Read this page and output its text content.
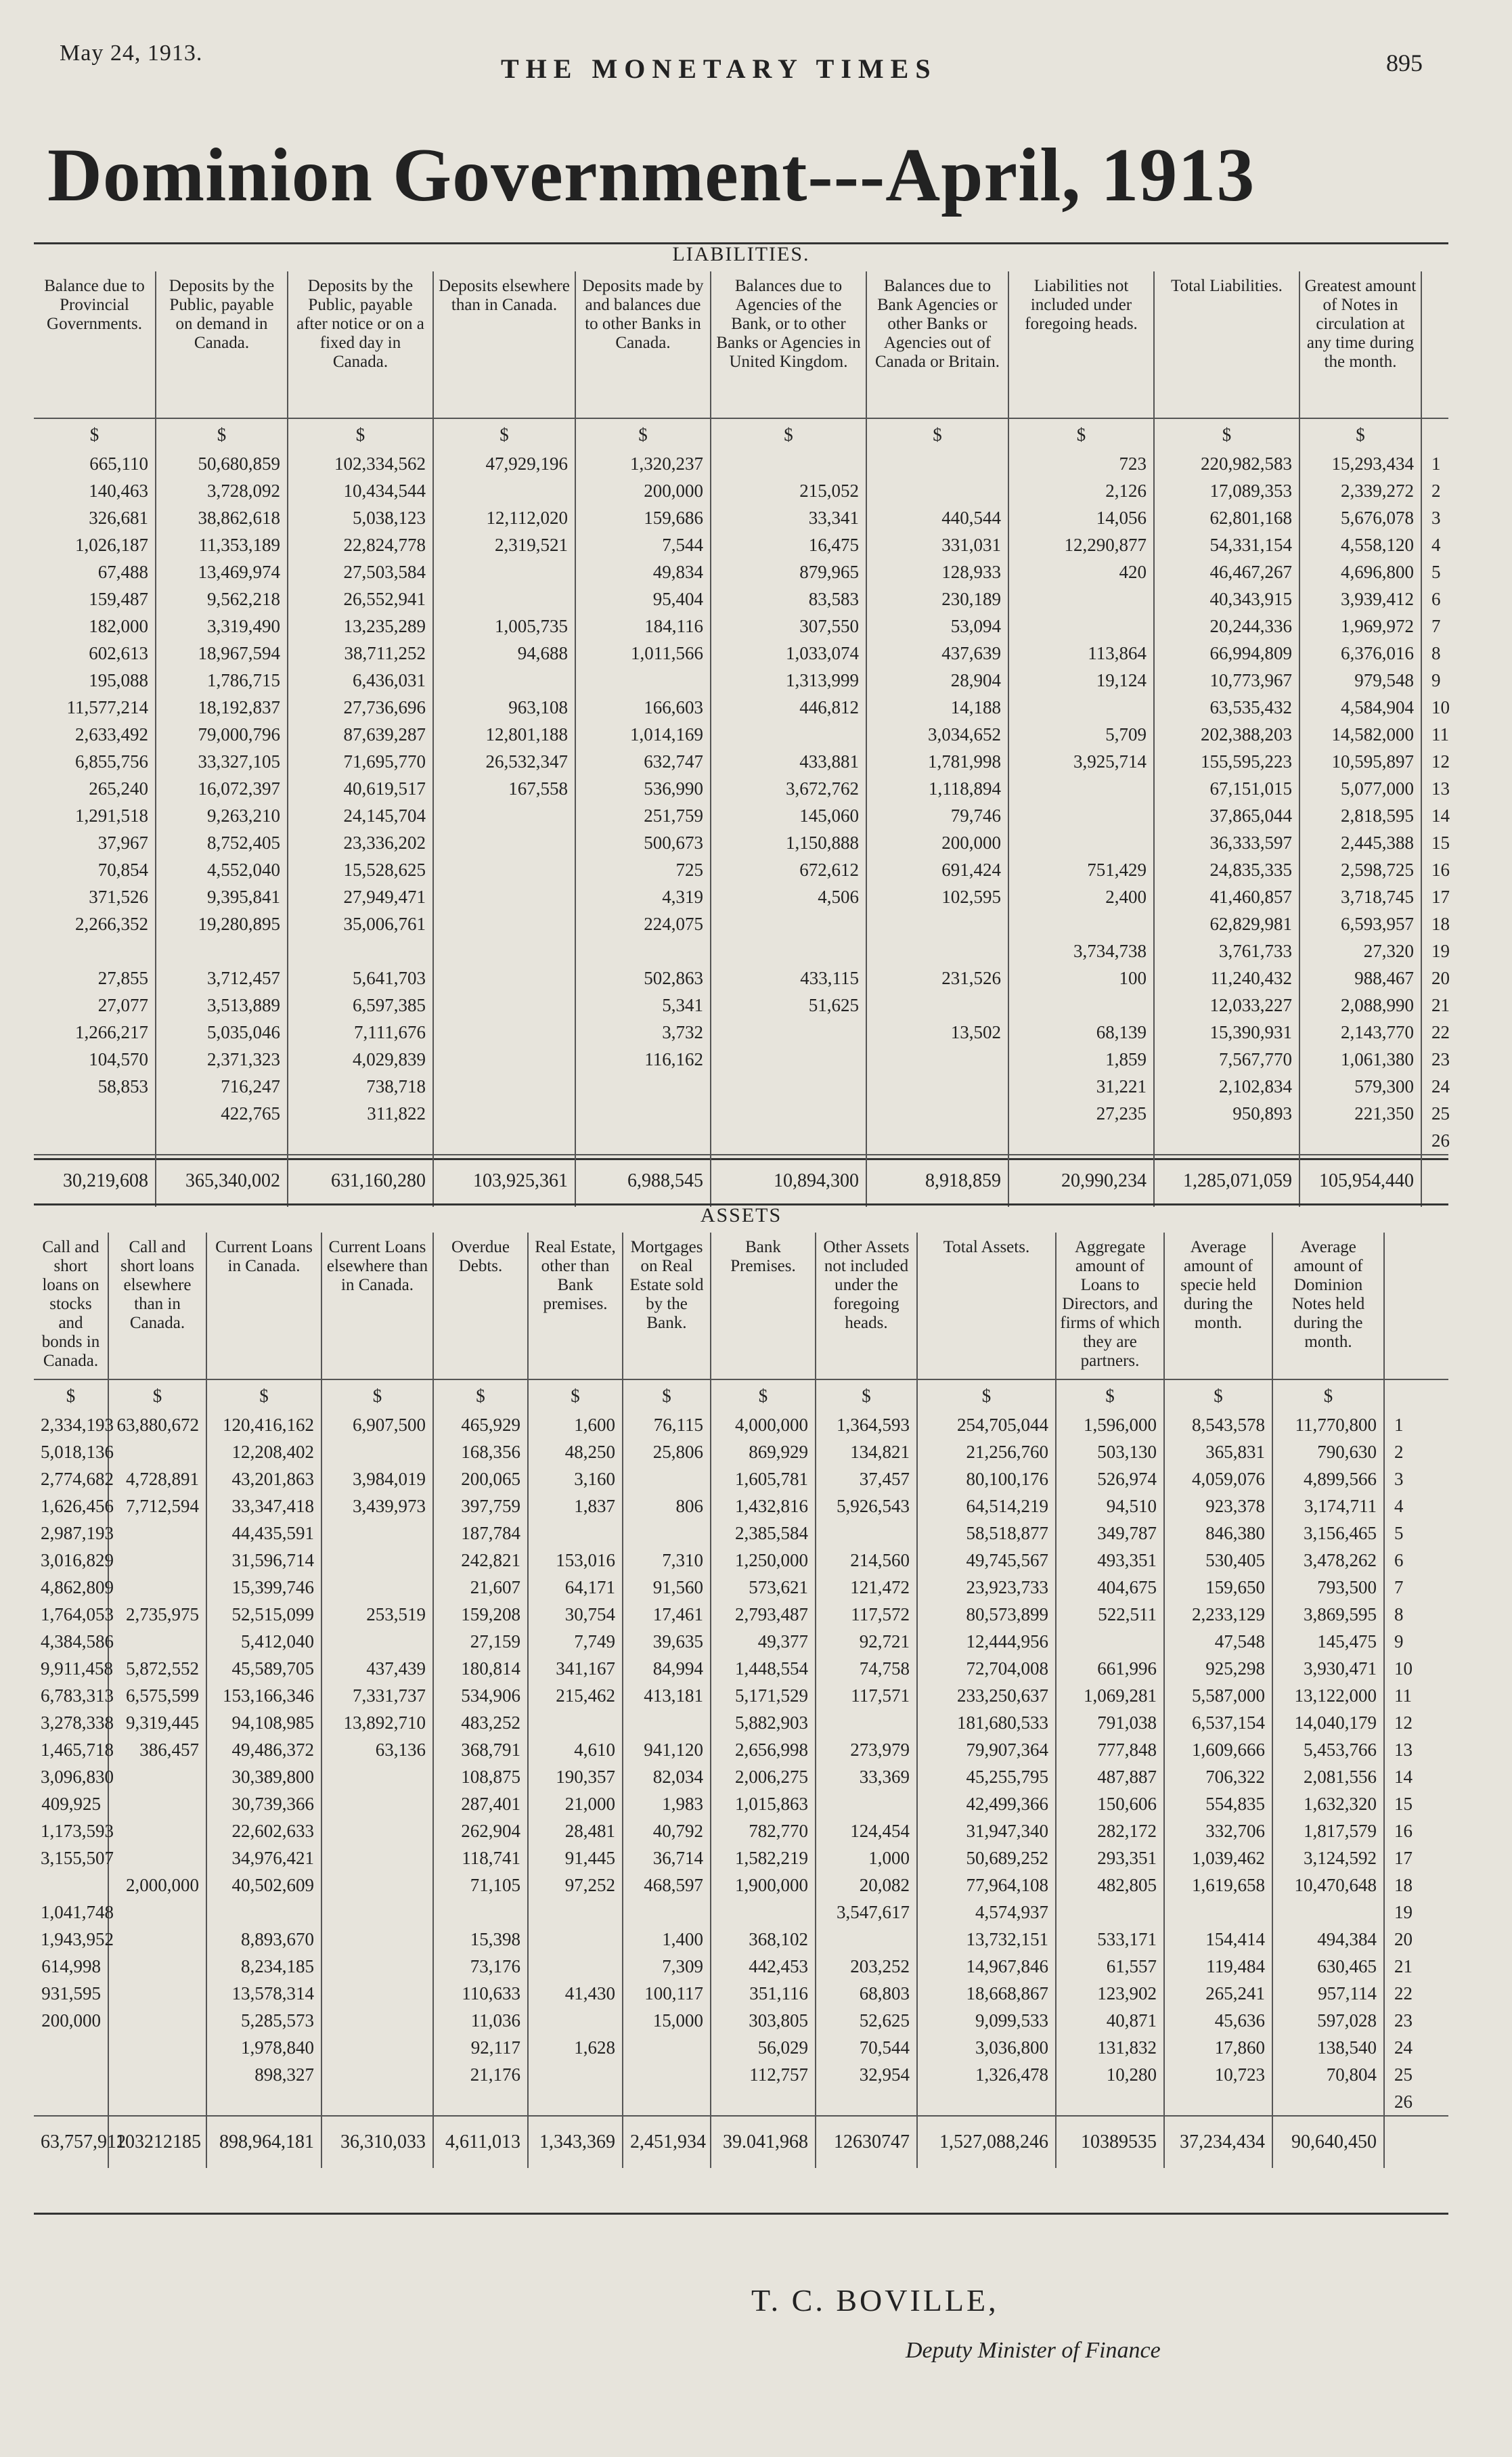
May 24, 1913.
THE MONETARY TIMES	895
Dominion Government---April, 1913
LIABILITIES.
Balance due to Provincial Governments.	Deposits by the Public, payable on demand in Canada.	Deposits by the Public, payable after notice or on a fixed day in Canada.	Deposits elsewhere than in Canada.	Deposits made by and balances due to other Banks in Canada.	Balances due to Agencies of the Bank, or to other Banks or Agencies in United Kingdom.	Balances due to Bank Agencies or other Banks or Agencies out of Canada or Britain.	Liabilities not included under foregoing heads.	Total Liabilities.	Greatest amount of Notes in circulation at any time during the month.	
$	$	$	$	$	$	$	$	$	$	
665,110	50,680,859	102,334,562	47,929,196	1,320,237			723	220,982,583	15,293,434	1
140,463	3,728,092	10,434,544		200,000	215,052		2,126	17,089,353	2,339,272	2
326,681	38,862,618	5,038,123	12,112,020	159,686	33,341	440,544	14,056	62,801,168	5,676,078	3
1,026,187	11,353,189	22,824,778	2,319,521	7,544	16,475	331,031	12,290,877	54,331,154	4,558,120	4
67,488	13,469,974	27,503,584		49,834	879,965	128,933	420	46,467,267	4,696,800	5
159,487	9,562,218	26,552,941		95,404	83,583	230,189		40,343,915	3,939,412	6
182,000	3,319,490	13,235,289	1,005,735	184,116	307,550	53,094		20,244,336	1,969,972	7
602,613	18,967,594	38,711,252	94,688	1,011,566	1,033,074	437,639	113,864	66,994,809	6,376,016	8
195,088	1,786,715	6,436,031			1,313,999	28,904	19,124	10,773,967	979,548	9
11,577,214	18,192,837	27,736,696	963,108	166,603	446,812	14,188		63,535,432	4,584,904	10
2,633,492	79,000,796	87,639,287	12,801,188	1,014,169		3,034,652	5,709	202,388,203	14,582,000	11
6,855,756	33,327,105	71,695,770	26,532,347	632,747	433,881	1,781,998	3,925,714	155,595,223	10,595,897	12
265,240	16,072,397	40,619,517	167,558	536,990	3,672,762	1,118,894		67,151,015	5,077,000	13
1,291,518	9,263,210	24,145,704		251,759	145,060	79,746		37,865,044	2,818,595	14
37,967	8,752,405	23,336,202		500,673	1,150,888	200,000		36,333,597	2,445,388	15
70,854	4,552,040	15,528,625		725	672,612	691,424	751,429	24,835,335	2,598,725	16
371,526	9,395,841	27,949,471		4,319	4,506	102,595	2,400	41,460,857	3,718,745	17
2,266,352	19,280,895	35,006,761		224,075				62,829,981	6,593,957	18
							3,734,738	3,761,733	27,320	19
27,855	3,712,457	5,641,703		502,863	433,115	231,526	100	11,240,432	988,467	20
27,077	3,513,889	6,597,385		5,341	51,625			12,033,227	2,088,990	21
1,266,217	5,035,046	7,111,676		3,732		13,502	68,139	15,390,931	2,143,770	22
104,570	2,371,323	4,029,839		116,162			1,859	7,567,770	1,061,380	23
58,853	716,247	738,718					31,221	2,102,834	579,300	24
	422,765	311,822					27,235	950,893	221,350	25
										26
30,219,608	365,340,002	631,160,280	103,925,361	6,988,545	10,894,300	8,918,859	20,990,234	1,285,071,059	105,954,440	
ASSETS
Call and short loans on stocks and bonds in Canada.	Call and short loans elsewhere than in Canada.	Current Loans in Canada.	Current Loans elsewhere than in Canada.	Overdue Debts.	Real Estate, other than Bank premises.	Mortgages on Real Estate sold by the Bank.	Bank Premises.	Other Assets not included under the foregoing heads.	Total Assets.	Aggregate amount of Loans to Directors, and firms of which they are partners.	Average amount of specie held during the month.	Average amount of Dominion Notes held during the month.	
$	$	$	$	$	$	$	$	$	$	$	$	$	
2,334,193	63,880,672	120,416,162	6,907,500	465,929	1,600	76,115	4,000,000	1,364,593	254,705,044	1,596,000	8,543,578	11,770,800	1
5,018,136		12,208,402		168,356	48,250	25,806	869,929	134,821	21,256,760	503,130	365,831	790,630	2
2,774,682	4,728,891	43,201,863	3,984,019	200,065	3,160		1,605,781	37,457	80,100,176	526,974	4,059,076	4,899,566	3
1,626,456	7,712,594	33,347,418	3,439,973	397,759	1,837	806	1,432,816	5,926,543	64,514,219	94,510	923,378	3,174,711	4
2,987,193		44,435,591		187,784			2,385,584		58,518,877	349,787	846,380	3,156,465	5
3,016,829		31,596,714		242,821	153,016	7,310	1,250,000	214,560	49,745,567	493,351	530,405	3,478,262	6
4,862,809		15,399,746		21,607	64,171	91,560	573,621	121,472	23,923,733	404,675	159,650	793,500	7
1,764,053	2,735,975	52,515,099	253,519	159,208	30,754	17,461	2,793,487	117,572	80,573,899	522,511	2,233,129	3,869,595	8
4,384,586		5,412,040		27,159	7,749	39,635	49,377	92,721	12,444,956		47,548	145,475	9
9,911,458	5,872,552	45,589,705	437,439	180,814	341,167	84,994	1,448,554	74,758	72,704,008	661,996	925,298	3,930,471	10
6,783,313	6,575,599	153,166,346	7,331,737	534,906	215,462	413,181	5,171,529	117,571	233,250,637	1,069,281	5,587,000	13,122,000	11
3,278,338	9,319,445	94,108,985	13,892,710	483,252			5,882,903		181,680,533	791,038	6,537,154	14,040,179	12
1,465,718	386,457	49,486,372	63,136	368,791	4,610	941,120	2,656,998	273,979	79,907,364	777,848	1,609,666	5,453,766	13
3,096,830		30,389,800		108,875	190,357	82,034	2,006,275	33,369	45,255,795	487,887	706,322	2,081,556	14
409,925		30,739,366		287,401	21,000	1,983	1,015,863		42,499,366	150,606	554,835	1,632,320	15
1,173,593		22,602,633		262,904	28,481	40,792	782,770	124,454	31,947,340	282,172	332,706	1,817,579	16
3,155,507		34,976,421		118,741	91,445	36,714	1,582,219	1,000	50,689,252	293,351	1,039,462	3,124,592	17
	2,000,000	40,502,609		71,105	97,252	468,597	1,900,000	20,082	77,964,108	482,805	1,619,658	10,470,648	18
1,041,748								3,547,617	4,574,937				19
1,943,952		8,893,670		15,398		1,400	368,102		13,732,151	533,171	154,414	494,384	20
614,998		8,234,185		73,176		7,309	442,453	203,252	14,967,846	61,557	119,484	630,465	21
931,595		13,578,314		110,633	41,430	100,117	351,116	68,803	18,668,867	123,902	265,241	957,114	22
200,000		5,285,573		11,036		15,000	303,805	52,625	9,099,533	40,871	45,636	597,028	23
		1,978,840		92,117	1,628		56,029	70,544	3,036,800	131,832	17,860	138,540	24
		898,327		21,176			112,757	32,954	1,326,478	10,280	10,723	70,804	25
													26
63,757,912	103212185	898,964,181	36,310,033	4,611,013	1,343,369	2,451,934	39.041,968	12630747	1,527,088,246	10389535	37,234,434	90,640,450	
T. C. BOVILLE,
Deputy Minister of Finance
